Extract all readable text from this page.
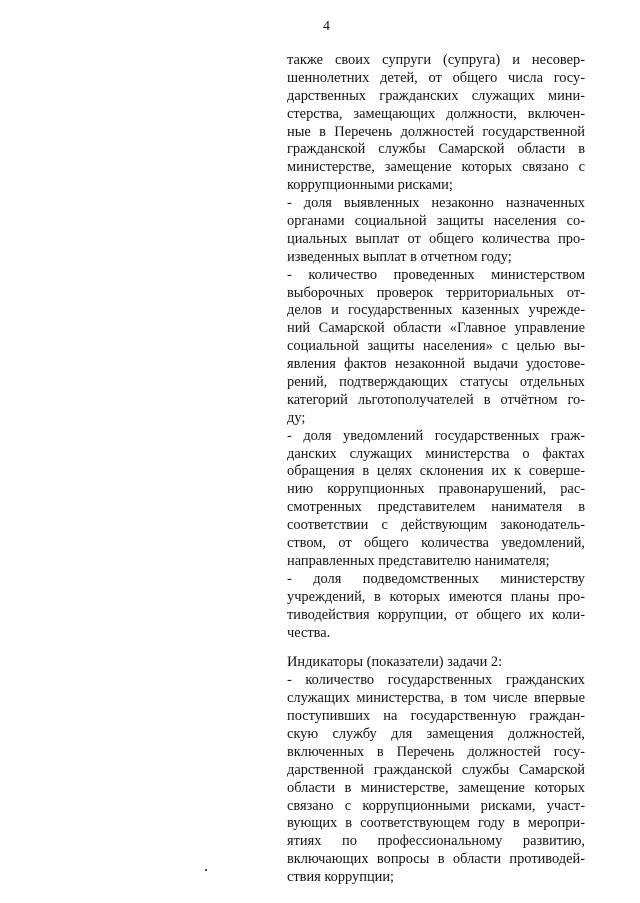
4
также своих супруги (супруга) и несовер-
шеннолетних детей, от общего числа госу-
дарственных гражданских служащих мини-
стерства, замещающих должности, включен-
ные в Перечень должностей государственной
гражданской службы Самарской области в
министерстве, замещение которых связано с
коррупционными рисками;
- доля выявленных незаконно назначенных
органами социальной защиты населения со-
циальных выплат от общего количества про-
изведенных выплат в отчетном году;
- количество проведенных министерством
выборочных проверок территориальных от-
делов и государственных казенных учрежде-
ний Самарской области «Главное управление
социальной защиты населения» с целью вы-
явления фактов незаконной выдачи удостове-
рений, подтверждающих статусы отдельных
категорий льготополучателей в отчётном го-
ду;
- доля уведомлений государственных граж-
данских служащих министерства о фактах
обращения в целях склонения их к соверше-
нию коррупционных правонарушений, рас-
смотренных представителем нанимателя в
соответствии с действующим законодатель-
ством, от общего количества уведомлений,
направленных представителю нанимателя;
- доля подведомственных министерству
учреждений, в которых имеются планы про-
тиводействия коррупции, от общего их коли-
чества.
Индикаторы (показатели) задачи 2:
- количество государственных гражданских
служащих министерства, в том числе впервые
поступивших на государственную граждан-
скую службу для замещения должностей,
включенных в Перечень должностей госу-
дарственной гражданской службы Самарской
области в министерстве, замещение которых
связано с коррупционными рисками, участ-
вующих в соответствующем году в меропри-
ятиях по профессиональному развитию,
включающих вопросы в области противодей-
ствия коррупции;
